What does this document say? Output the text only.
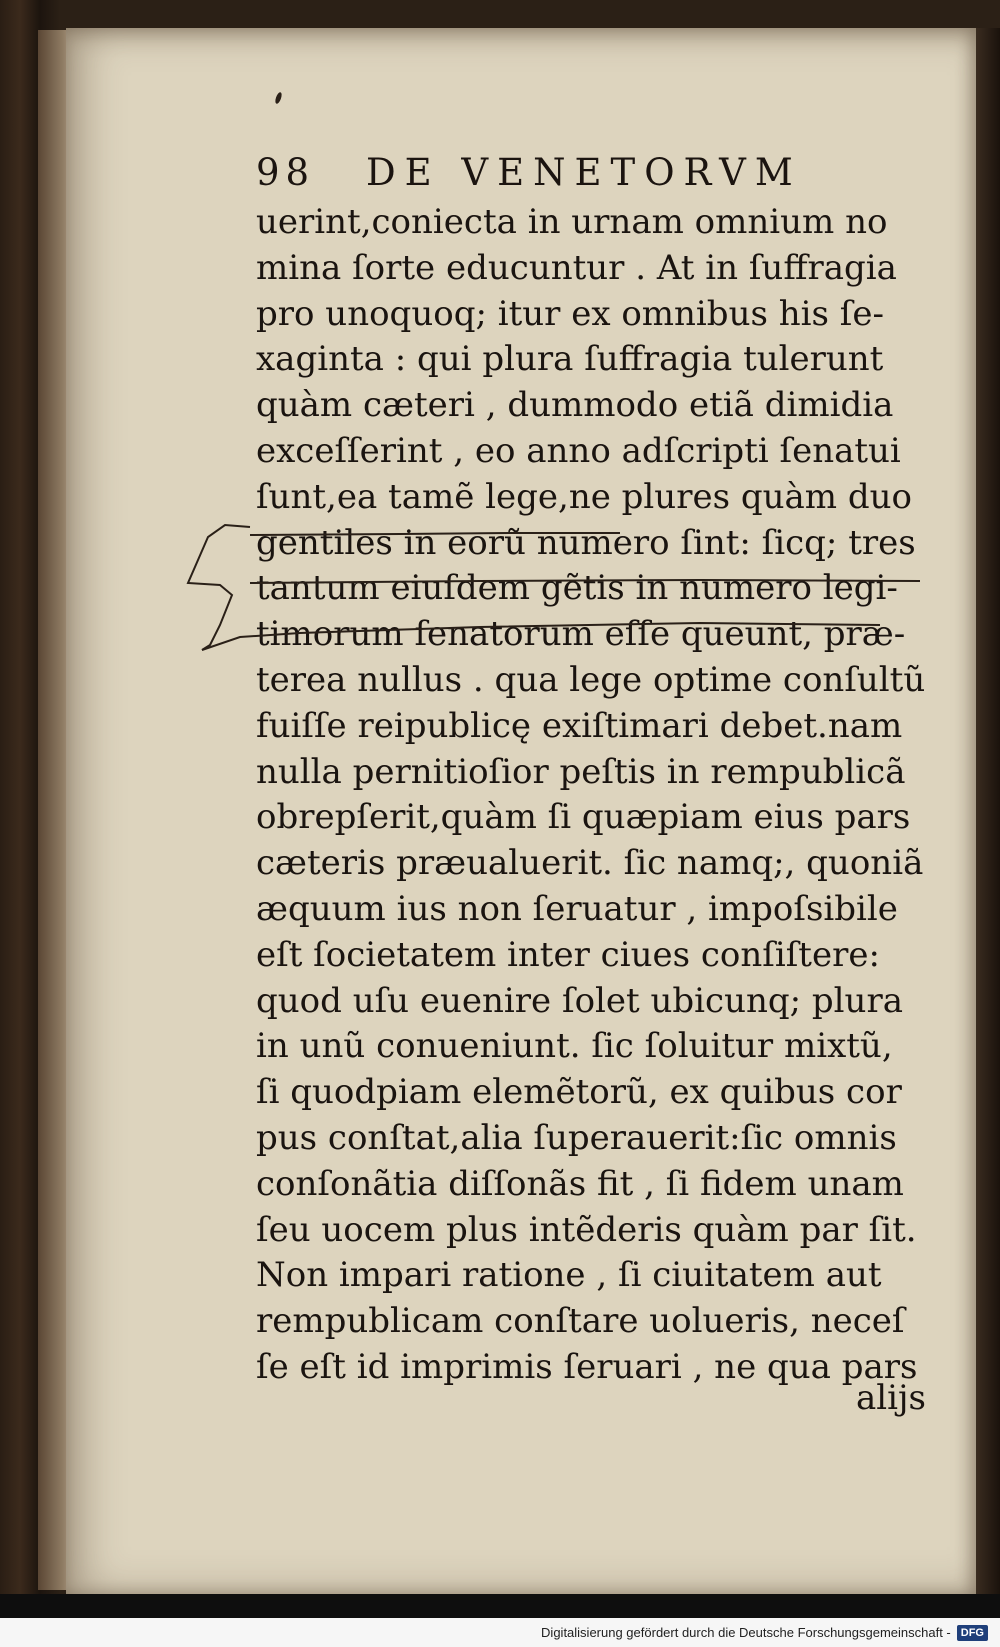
98	DE VENETORVM
uerint,coniecta in urnam omnium no
mina ſorte educuntur . At in ſuffragia
pro unoquoq; itur ex omnibus his ſe-
xaginta : qui plura ſuffragia tulerunt
quàm cæteri , dummodo etiã dimidia
exceſſerint , eo anno adſcripti ſenatui
ſunt,ea tamẽ lege,ne plures quàm duo
gentiles in eorũ numero ſint: ſicq; tres
tantum eiuſdem gẽtis in numero legi-
timorum ſenatorum eſſe queunt, præ-
terea nullus . qua lege optime conſultũ
fuiſſe reipublicę exiſtimari debet.nam
nulla pernitioſior peſtis in rempublicã
obrepſerit,quàm ſi quæpiam eius pars
cæteris præualuerit. ſic namq;, quoniã
æquum ius non ſeruatur , impoſsibile
eſt ſocietatem inter ciues conſiſtere:
quod uſu euenire ſolet ubicunq; plura
in unũ conueniunt. ſic ſoluitur mixtũ,
ſi quodpiam elemẽtorũ, ex quibus cor
pus conſtat,alia ſuperauerit:ſic omnis
conſonãtia diſſonãs fit , ſi fidem unam
ſeu uocem plus intẽderis quàm par ſit.
Non impari ratione , ſi ciuitatem aut
rempublicam conſtare uolueris, neceſ
ſe eſt id imprimis ſeruari , ne qua pars
alijs
Digitalisierung gefördert durch die Deutsche Forschungsgemeinschaft - DFG
